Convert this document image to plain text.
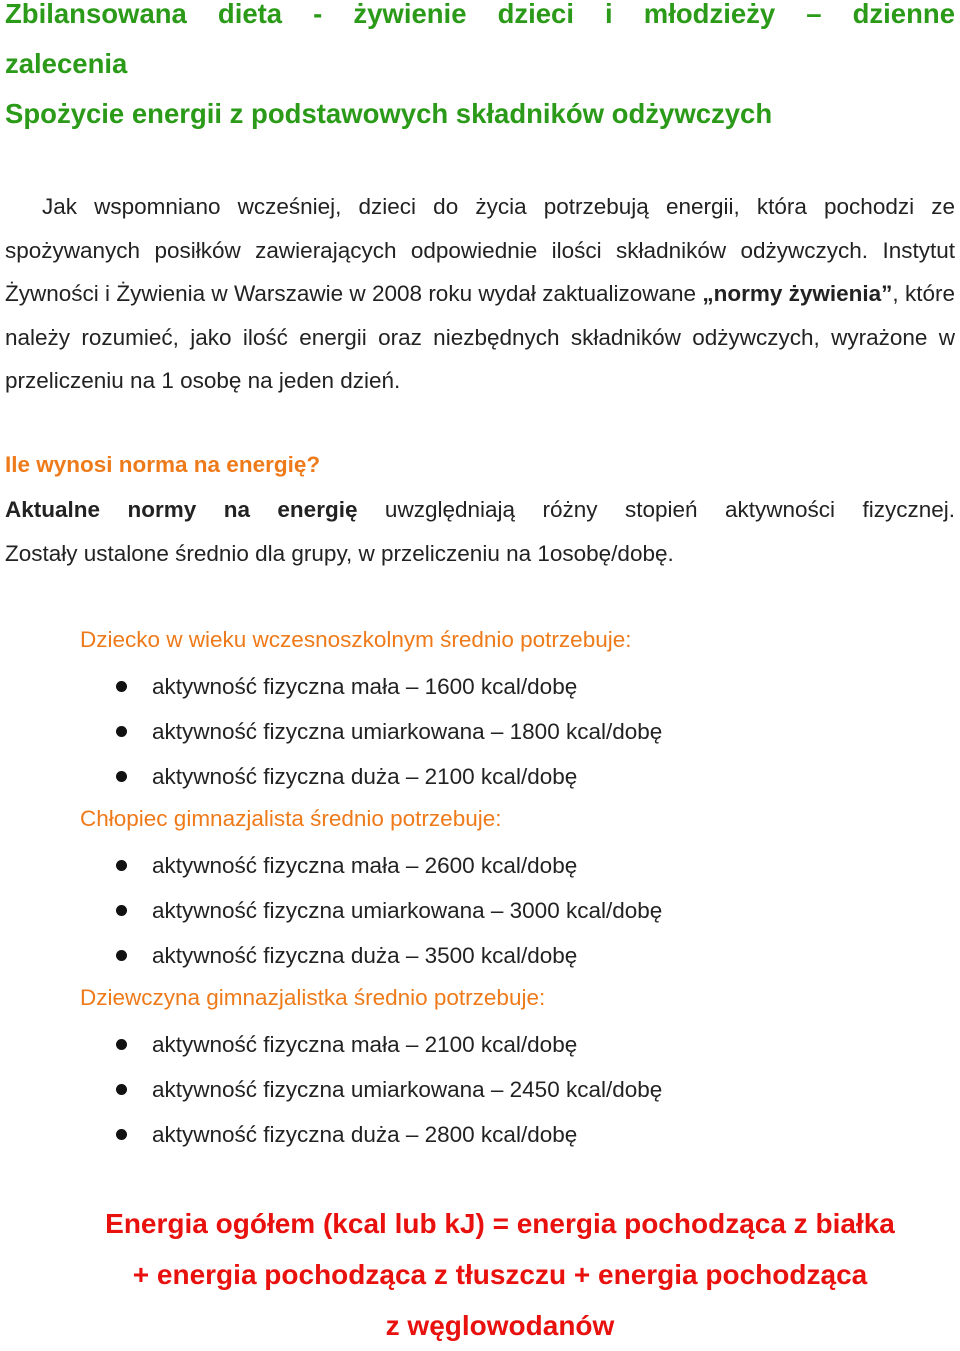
Zbilansowana dieta - żywienie dzieci i młodzieży – dzienne
zalecenia
Spożycie energii z podstawowych składników odżywczych

Jak wspomniano wcześniej, dzieci do życia potrzebują energii, która pochodzi ze spożywanych posiłków zawierających odpowiednie ilości składników odżywczych. Instytut Żywności i Żywienia w Warszawie w 2008 roku wydał zaktualizowane „normy żywienia”, które należy rozumieć, jako ilość energii oraz niezbędnych składników odżywczych, wyrażone w przeliczeniu na 1 osobę na jeden dzień.

Ile wynosi norma na energię?

Aktualne normy na energię uwzględniają różny stopień aktywności fizycznej.
Zostały ustalone średnio dla grupy, w przeliczeniu na 1osobę/dobę.

Dziecko w wieku wczesnoszkolnym średnio potrzebuje:

aktywność fizyczna mała – 1600 kcal/dobę
aktywność fizyczna umiarkowana – 1800 kcal/dobę
aktywność fizyczna duża – 2100 kcal/dobę

Chłopiec gimnazjalista średnio potrzebuje:

aktywność fizyczna mała – 2600 kcal/dobę
aktywność fizyczna umiarkowana – 3000 kcal/dobę
aktywność fizyczna duża – 3500 kcal/dobę

Dziewczyna gimnazjalistka średnio potrzebuje:

aktywność fizyczna mała – 2100 kcal/dobę
aktywność fizyczna umiarkowana – 2450 kcal/dobę
aktywność fizyczna duża – 2800 kcal/dobę

Energia ogółem (kcal lub kJ) = energia pochodząca z białka
+ energia pochodząca z tłuszczu + energia pochodząca
z węglowodanów
